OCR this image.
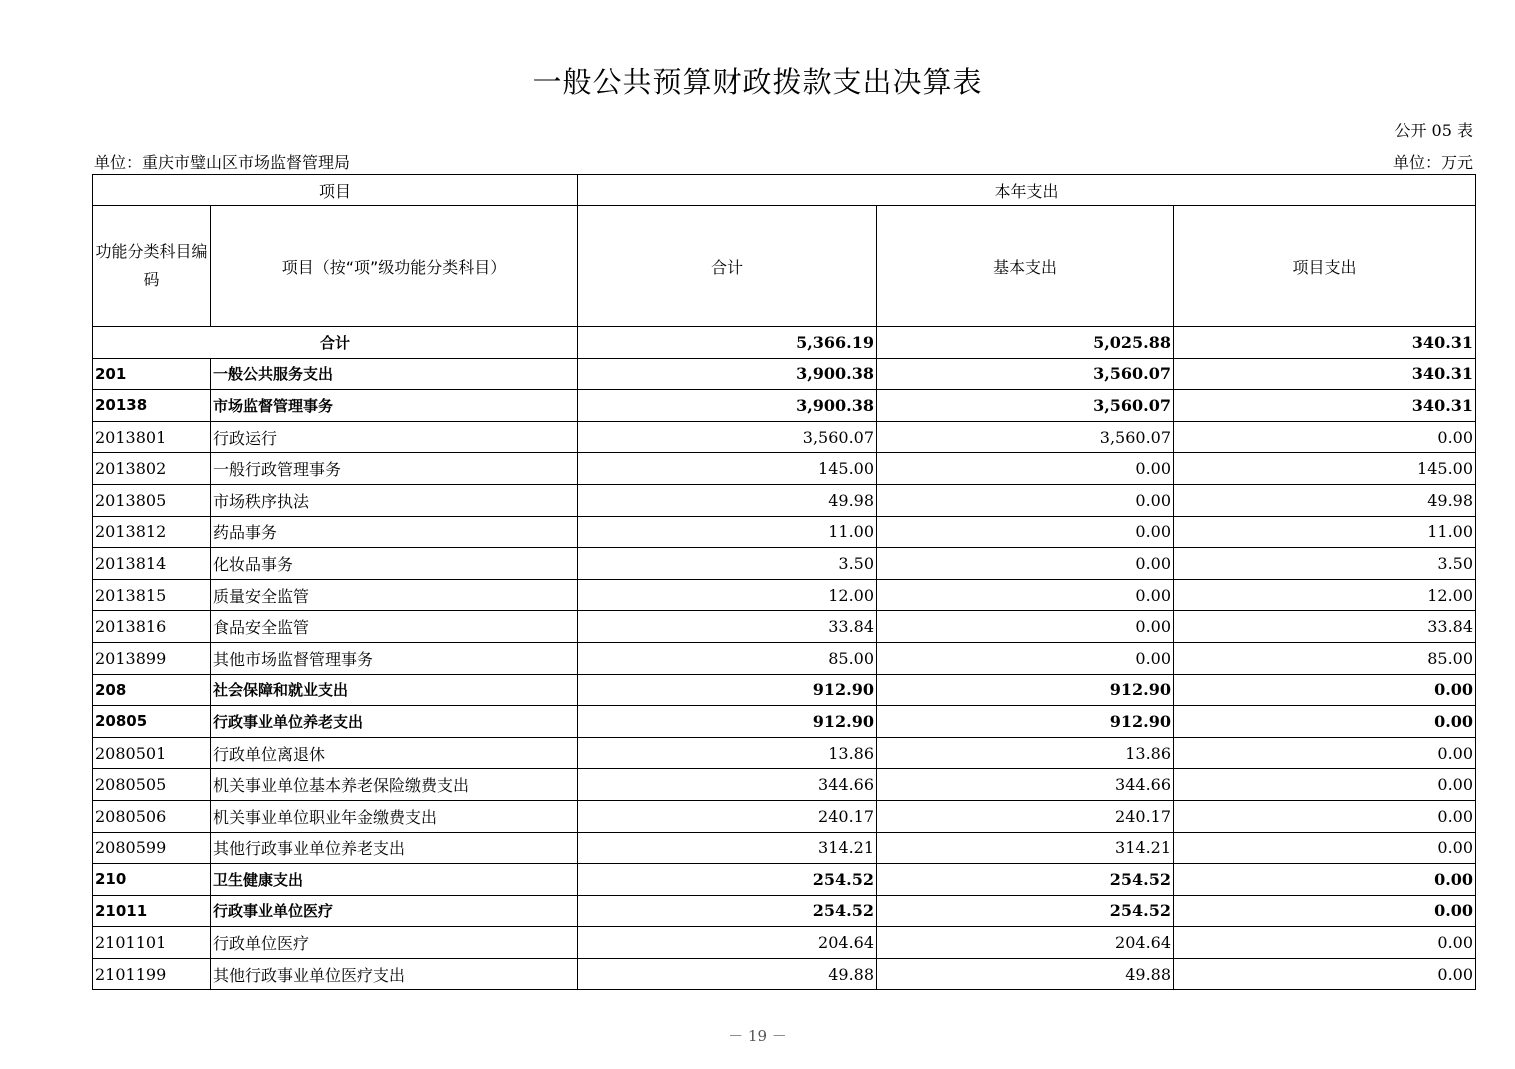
一般公共预算财政拨款支出决算表
公开 05 表
单位：重庆市璧山区市场监督管理局	单位：万元
项目		本年支出		
功能分类科目编码	项目（按“项”级功能分类科目）	合计	基本支出	项目支出
合计		5,366.19	5,025.88	340.31
201	一般公共服务支出	3,900.38	3,560.07	340.31
20138	市场监督管理事务	3,900.38	3,560.07	340.31
2013801	行政运行	3,560.07	3,560.07	0.00
2013802	一般行政管理事务	145.00	0.00	145.00
2013805	市场秩序执法	49.98	0.00	49.98
2013812	药品事务	11.00	0.00	11.00
2013814	化妆品事务	3.50	0.00	3.50
2013815	质量安全监管	12.00	0.00	12.00
2013816	食品安全监管	33.84	0.00	33.84
2013899	其他市场监督管理事务	85.00	0.00	85.00
208	社会保障和就业支出	912.90	912.90	0.00
20805	行政事业单位养老支出	912.90	912.90	0.00
2080501	行政单位离退休	13.86	13.86	0.00
2080505	机关事业单位基本养老保险缴费支出	344.66	344.66	0.00
2080506	机关事业单位职业年金缴费支出	240.17	240.17	0.00
2080599	其他行政事业单位养老支出	314.21	314.21	0.00
210	卫生健康支出	254.52	254.52	0.00
21011	行政事业单位医疗	254.52	254.52	0.00
2101101	行政单位医疗	204.64	204.64	0.00
2101199	其他行政事业单位医疗支出	49.88	49.88	0.00
－ 19 －
